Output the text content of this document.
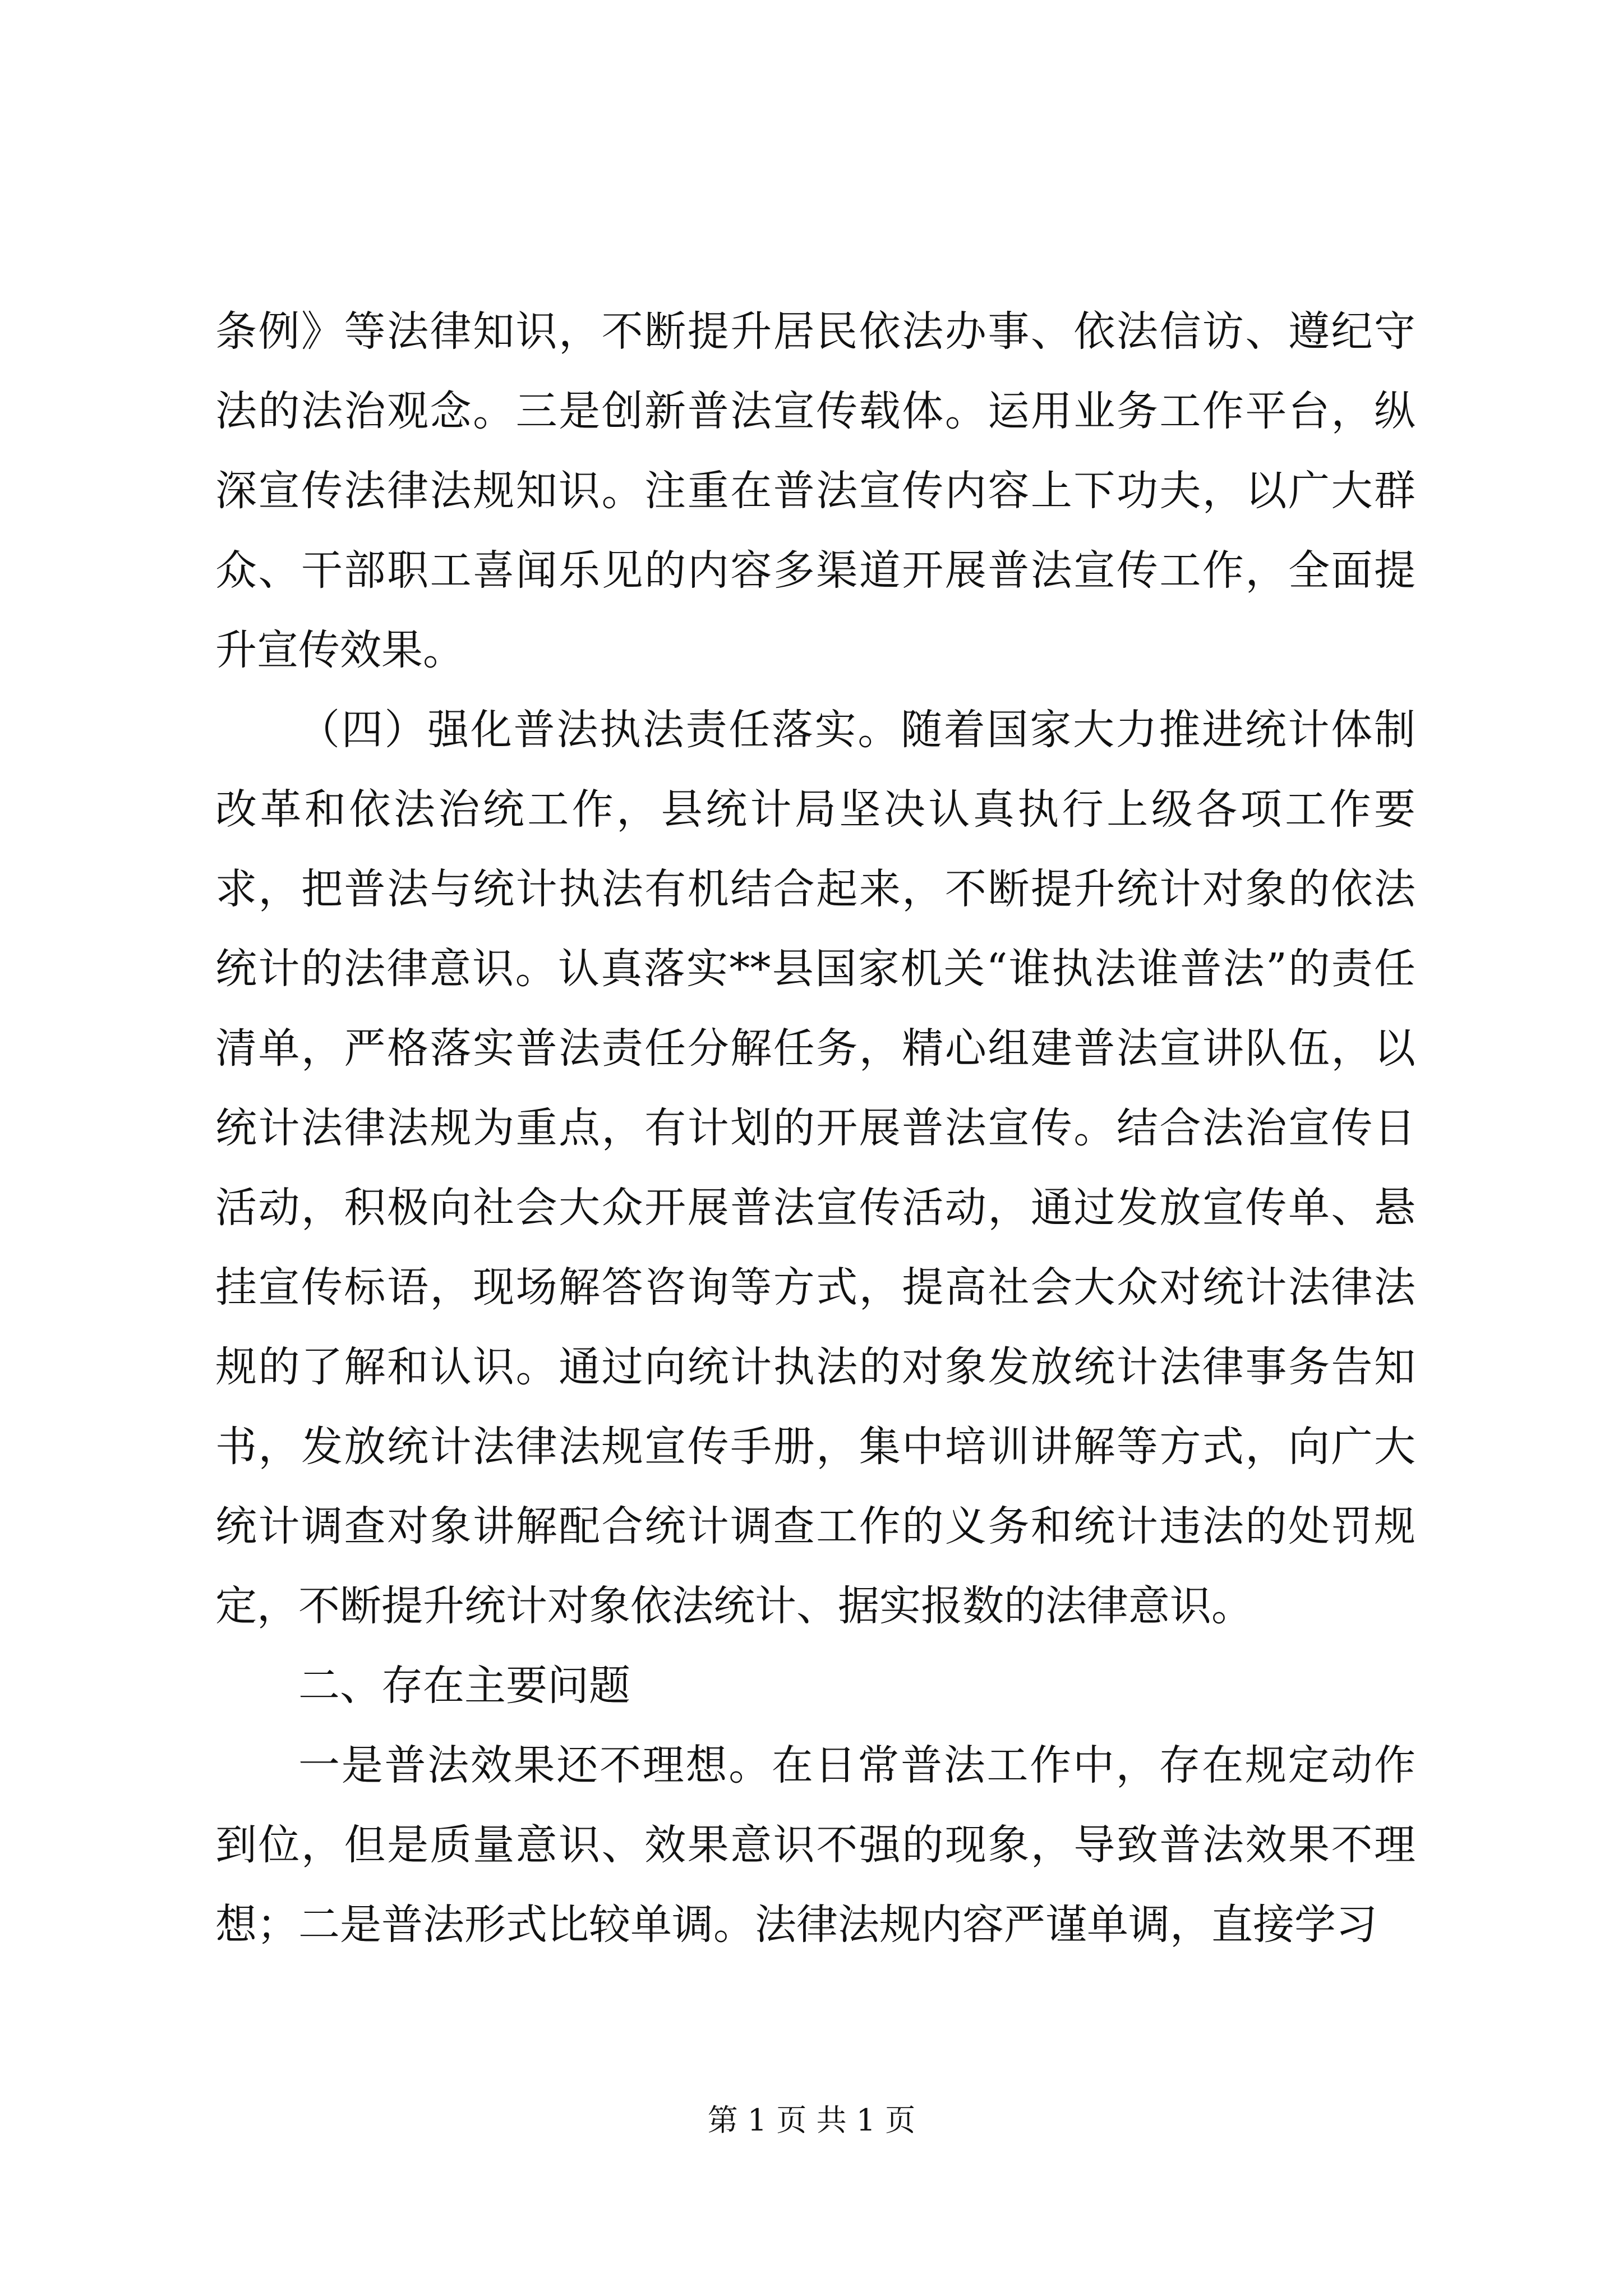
条例》等法律知识，不断提升居民依法办事、依法信访、遵纪守法的法治观念。三是创新普法宣传载体。运用业务工作平台，纵深宣传法律法规知识。注重在普法宣传内容上下功夫，以广大群众、干部职工喜闻乐见的内容多渠道开展普法宣传工作，全面提升宣传效果。

（四）强化普法执法责任落实。随着国家大力推进统计体制改革和依法治统工作，县统计局坚决认真执行上级各项工作要求，把普法与统计执法有机结合起来，不断提升统计对象的依法统计的法律意识。认真落实**县国家机关“谁执法谁普法”的责任清单，严格落实普法责任分解任务，精心组建普法宣讲队伍，以统计法律法规为重点，有计划的开展普法宣传。结合法治宣传日活动，积极向社会大众开展普法宣传活动，通过发放宣传单、悬挂宣传标语，现场解答咨询等方式，提高社会大众对统计法律法规的了解和认识。通过向统计执法的对象发放统计法律事务告知书，发放统计法律法规宣传手册，集中培训讲解等方式，向广大统计调查对象讲解配合统计调查工作的义务和统计违法的处罚规定，不断提升统计对象依法统计、据实报数的法律意识。

二、存在主要问题

一是普法效果还不理想。在日常普法工作中，存在规定动作到位，但是质量意识、效果意识不强的现象，导致普法效果不理想；二是普法形式比较单调。法律法规内容严谨单调，直接学习

第 1 页 共 1 页
